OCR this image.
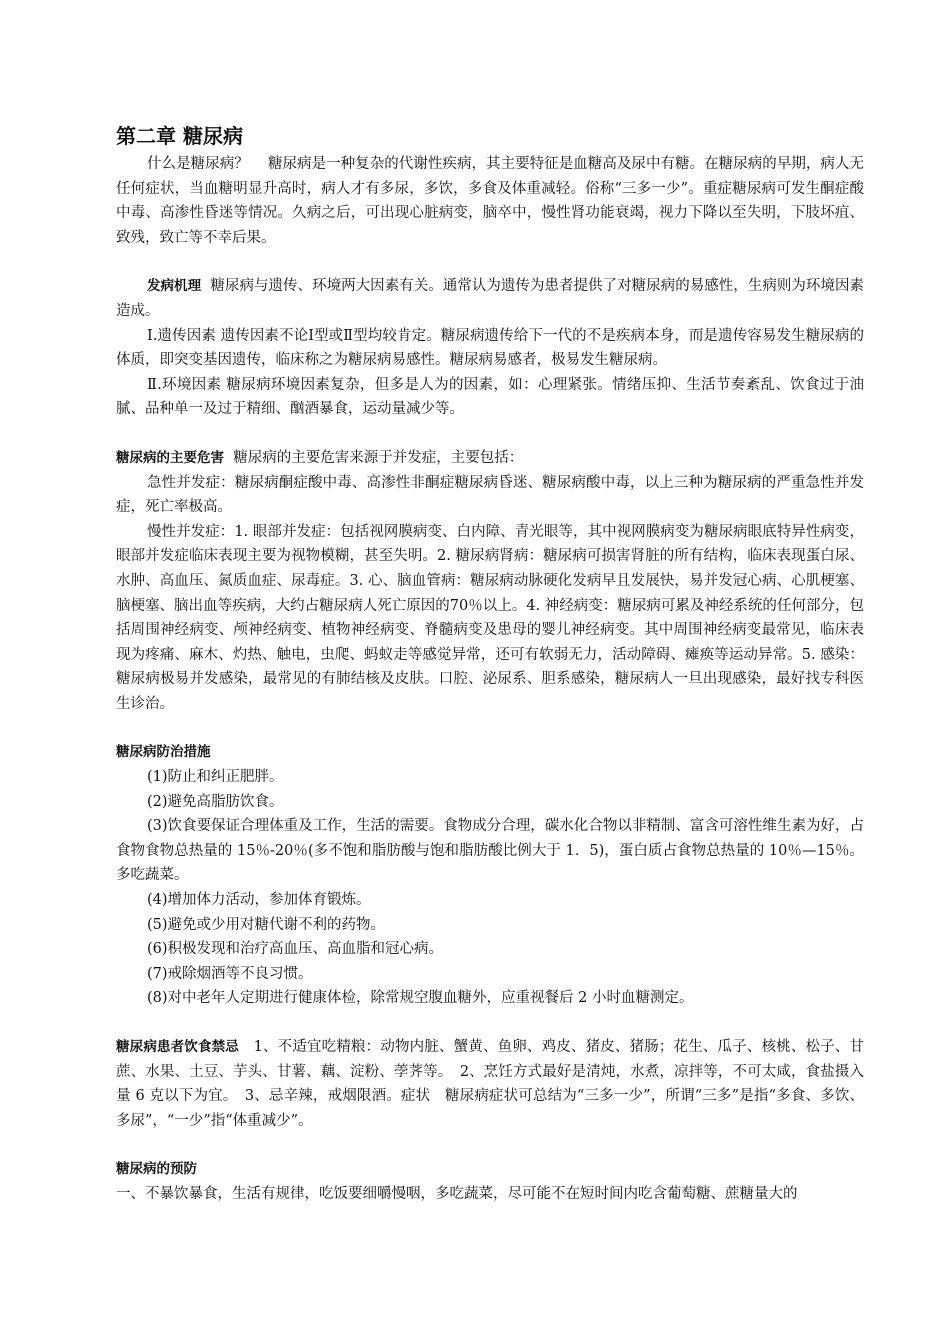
第二章 糖尿病

什么是糖尿病？　 糖尿病是一种复杂的代谢性疾病，其主要特征是血糖高及尿中有糖。在糖尿病的早期，病人无任何症状，当血糖明显升高时，病人才有多尿，多饮，多食及体重减轻。俗称“三多一少”。重症糖尿病可发生酮症酸中毒、高渗性昏迷等情况。久病之后，可出现心脏病变，脑卒中，慢性肾功能衰竭，视力下降以至失明，下肢坏疽、致残，致亡等不幸后果。

发病机理 糖尿病与遗传、环境两大因素有关。通常认为遗传为患者提供了对糖尿病的易感性，生病则为环境因素造成。

Ⅰ.遗传因素 遗传因素不论Ⅰ型或Ⅱ型均较肯定。糖尿病遗传给下一代的不是疾病本身，而是遗传容易发生糖尿病的体质，即突变基因遗传，临床称之为糖尿病易感性。糖尿病易感者，极易发生糖尿病。

Ⅱ.环境因素 糖尿病环境因素复杂，但多是人为的因素，如：心理紧张。情绪压抑、生活节奏紊乱、饮食过于油腻、品种单一及过于精细、酗酒暴食，运动量减少等。

糖尿病的主要危害 糖尿病的主要危害来源于并发症，主要包括：

急性并发症：糖尿病酮症酸中毒、高渗性非酮症糖尿病昏迷、糖尿病酸中毒，以上三种为糖尿病的严重急性并发症，死亡率极高。

慢性并发症：1. 眼部并发症：包括视网膜病变、白内障、青光眼等，其中视网膜病变为糖尿病眼底特异性病变，眼部并发症临床表现主要为视物模糊，甚至失明。2. 糖尿病肾病：糖尿病可损害肾脏的所有结构，临床表现蛋白尿、水肿、高血压、氮质血症、尿毒症。3. 心、脑血管病：糖尿病动脉硬化发病早且发展快，易并发冠心病、心肌梗塞、脑梗塞、脑出血等疾病，大约占糖尿病人死亡原因的70％以上。4. 神经病变：糖尿病可累及神经系统的任何部分，包括周围神经病变、颅神经病变、植物神经病变、脊髓病变及患母的婴儿神经病变。其中周围神经病变最常见，临床表现为疼痛、麻木、灼热、触电，虫爬、蚂蚁走等感觉异常，还可有软弱无力，活动障碍、瘫痪等运动异常。5. 感染：糖尿病极易并发感染，最常见的有肺结核及皮肤。口腔、泌尿系、胆系感染，糖尿病人一旦出现感染，最好找专科医生诊治。

糖尿病防治措施

(1)防止和纠正肥胖。

(2)避免高脂肪饮食。

(3)饮食要保证合理体重及工作，生活的需要。食物成分合理，碳水化合物以非精制、富含可溶性维生素为好，占食物食物总热量的 15％-20％(多不饱和脂肪酸与饱和脂肪酸比例大于 1．5)，蛋白质占食物总热量的 10％—15％。多吃蔬菜。

(4)增加体力活动，参加体育锻炼。

(5)避免或少用对糖代谢不利的药物。

(6)积极发现和治疗高血压、高血脂和冠心病。

(7)戒除烟酒等不良习惯。

(8)对中老年人定期进行健康体检，除常规空腹血糖外，应重视餐后 2 小时血糖测定。

糖尿病患者饮食禁忌　1、不适宜吃精粮：动物内脏、蟹黄、鱼卵、鸡皮、猪皮、猪肠；花生、瓜子、核桃、松子、甘蔗、水果、土豆、芋头、甘薯、藕、淀粉、荸荠等。　2、烹饪方式最好是清炖，水煮，凉拌等，不可太咸，食盐摄入量 6 克以下为宜。　3、忌辛辣，戒烟限酒。症状　糖尿病症状可总结为“三多一少”，所谓“三多”是指“多食、多饮、多尿”，“一少”指“体重减少”。

糖尿病的预防

一、不暴饮暴食，生活有规律，吃饭要细嚼慢咽，多吃蔬菜，尽可能不在短时间内吃含葡萄糖、蔗糖量大的
